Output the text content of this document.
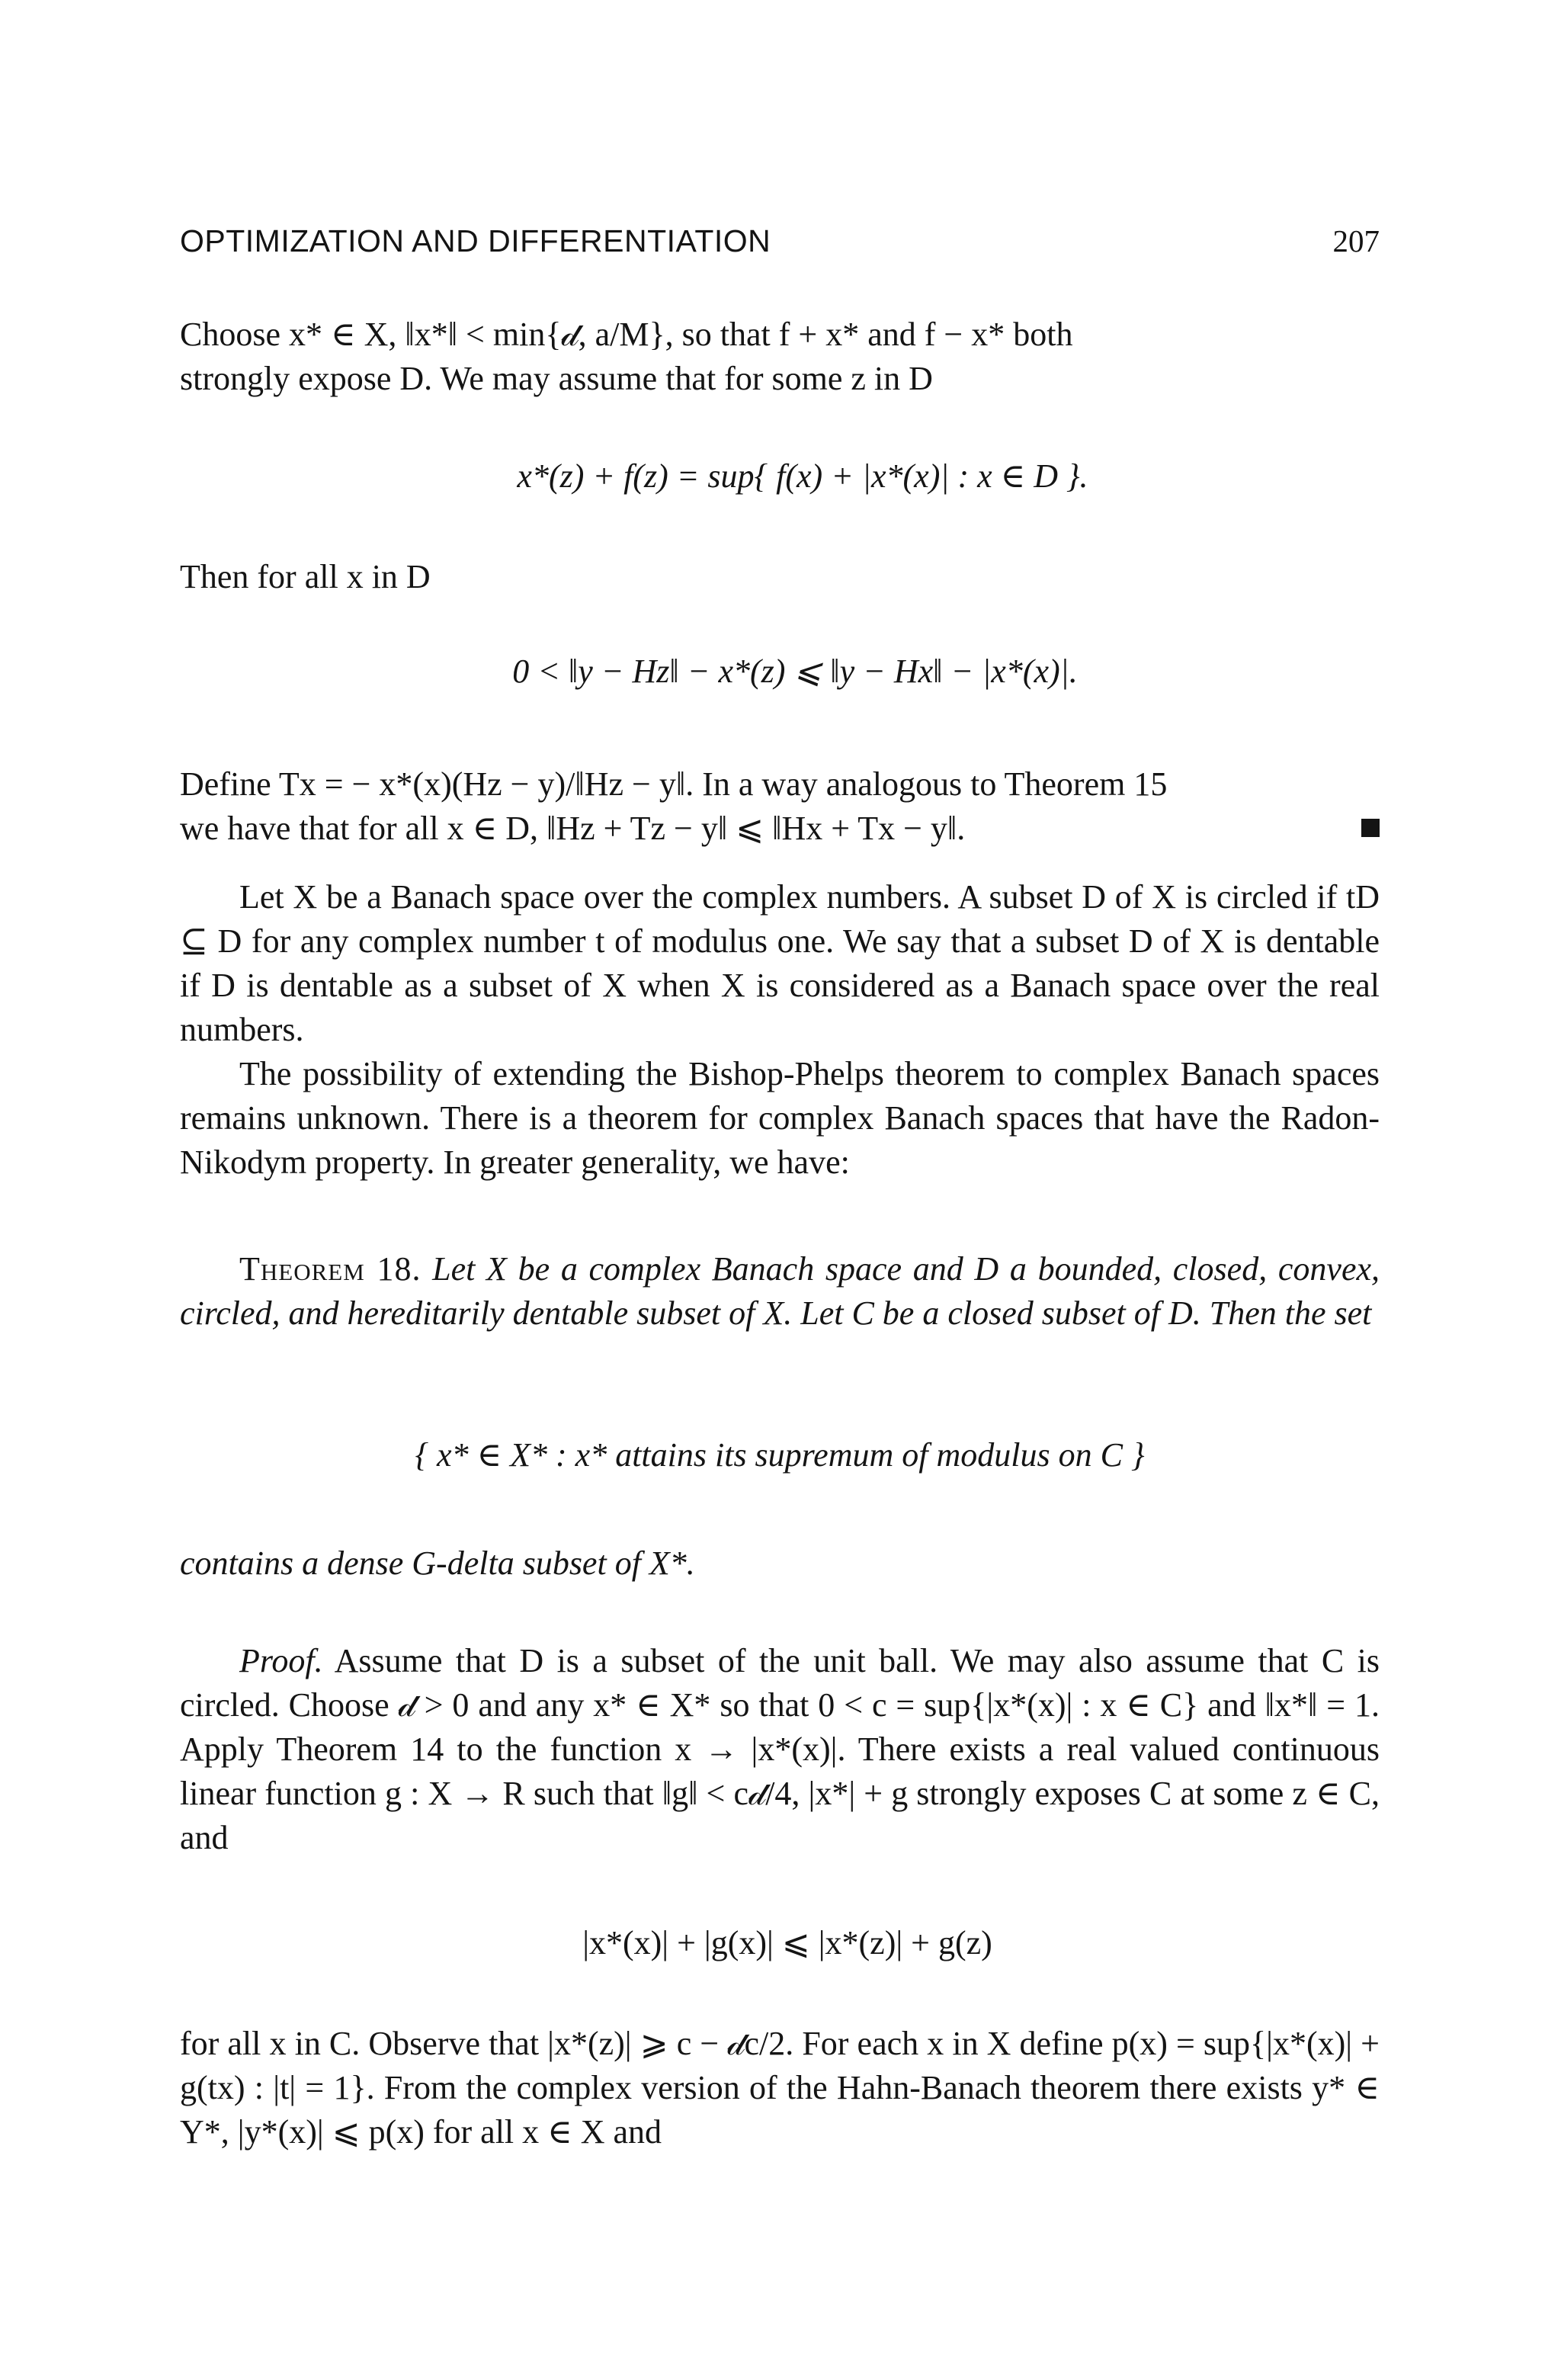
OPTIMIZATION AND DIFFERENTIATION	207

Choose x* ∈ X, ‖x*‖ < min{𝒹, a/M}, so that f + x* and f − x* both

strongly expose D. We may assume that for some z in D

x*(z) + f(z) = sup{ f(x) + |x*(x)| : x ∈ D }.

Then for all x in D

0 < ‖y − Hz‖ − x*(z) ⩽ ‖y − Hx‖ − |x*(x)|.

Define Tx = − x*(x)(Hz − y)/‖Hz − y‖. In a way analogous to Theorem 15

we have that for all x ∈ D, ‖Hz + Tz − y‖ ⩽ ‖Hx + Tx − y‖.

Let X be a Banach space over the complex numbers. A subset D of X is circled if tD ⊆ D for any complex number t of modulus one. We say that a subset D of X is dentable if D is dentable as a subset of X when X is considered as a Banach space over the real numbers.

The possibility of extending the Bishop-Phelps theorem to complex Banach spaces remains unknown. There is a theorem for complex Banach spaces that have the Radon-Nikodym property. In greater generality, we have:

Theorem 18. Let X be a complex Banach space and D a bounded, closed, convex, circled, and hereditarily dentable subset of X. Let C be a closed subset of D. Then the set

{ x* ∈ X* : x* attains its supremum of modulus on C }

contains a dense G-delta subset of X*.

Proof. Assume that D is a subset of the unit ball. We may also assume that C is circled. Choose 𝒹 > 0 and any x* ∈ X* so that 0 < c = sup{|x*(x)| : x ∈ C} and ‖x*‖ = 1. Apply Theorem 14 to the function x → |x*(x)|. There exists a real valued continuous linear function g : X → R such that ‖g‖ < c𝒹/4, |x*| + g strongly exposes C at some z ∈ C, and

|x*(x)| + |g(x)| ⩽ |x*(z)| + g(z)

for all x in C. Observe that |x*(z)| ⩾ c − 𝒹c/2. For each x in X define p(x) = sup{|x*(x)| + g(tx) : |t| = 1}. From the complex version of the Hahn-Banach theorem there exists y* ∈ Y*, |y*(x)| ⩽ p(x) for all x ∈ X and
